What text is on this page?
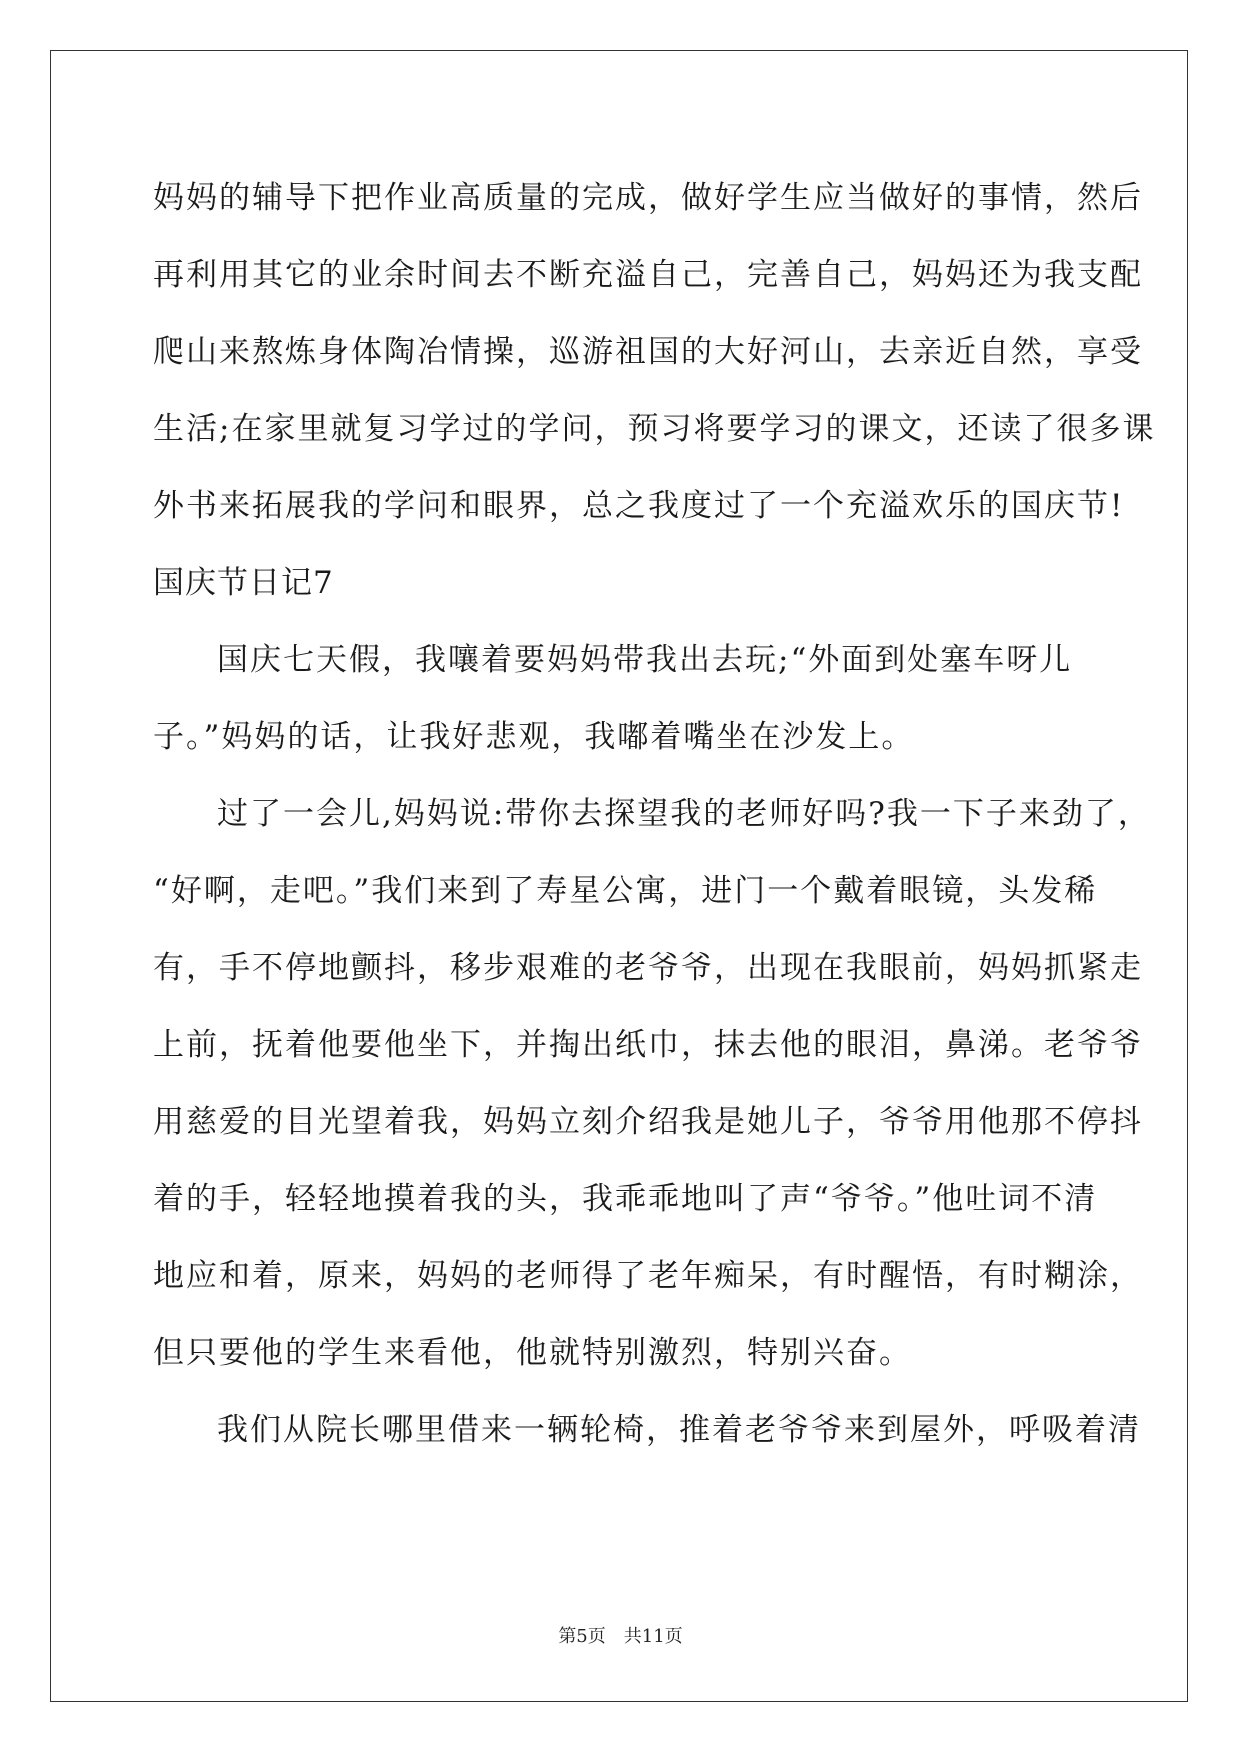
妈妈的辅导下把作业高质量的完成，做好学生应当做好的事情，然后
再利用其它的业余时间去不断充溢自己，完善自己，妈妈还为我支配
爬山来熬炼身体陶冶情操，巡游祖国的大好河山，去亲近自然，享受
生活;在家里就复习学过的学问，预习将要学习的课文，还读了很多课
外书来拓展我的学问和眼界，总之我度过了一个充溢欢乐的国庆节!
国庆节日记7
国庆七天假，我嚷着要妈妈带我出去玩;“外面到处塞车呀儿
子。”妈妈的话，让我好悲观，我嘟着嘴坐在沙发上。
过了一会儿,妈妈说:带你去探望我的老师好吗?我一下子来劲了，
“好啊，走吧。”我们来到了寿星公寓，进门一个戴着眼镜，头发稀
有，手不停地颤抖，移步艰难的老爷爷，出现在我眼前，妈妈抓紧走
上前，抚着他要他坐下，并掏出纸巾，抹去他的眼泪，鼻涕。老爷爷
用慈爱的目光望着我，妈妈立刻介绍我是她儿子，爷爷用他那不停抖
着的手，轻轻地摸着我的头，我乖乖地叫了声“爷爷。”他吐词不清
地应和着，原来，妈妈的老师得了老年痴呆，有时醒悟，有时糊涂，
但只要他的学生来看他，他就特别激烈，特别兴奋。
我们从院长哪里借来一辆轮椅，推着老爷爷来到屋外，呼吸着清
第5页 共11页
